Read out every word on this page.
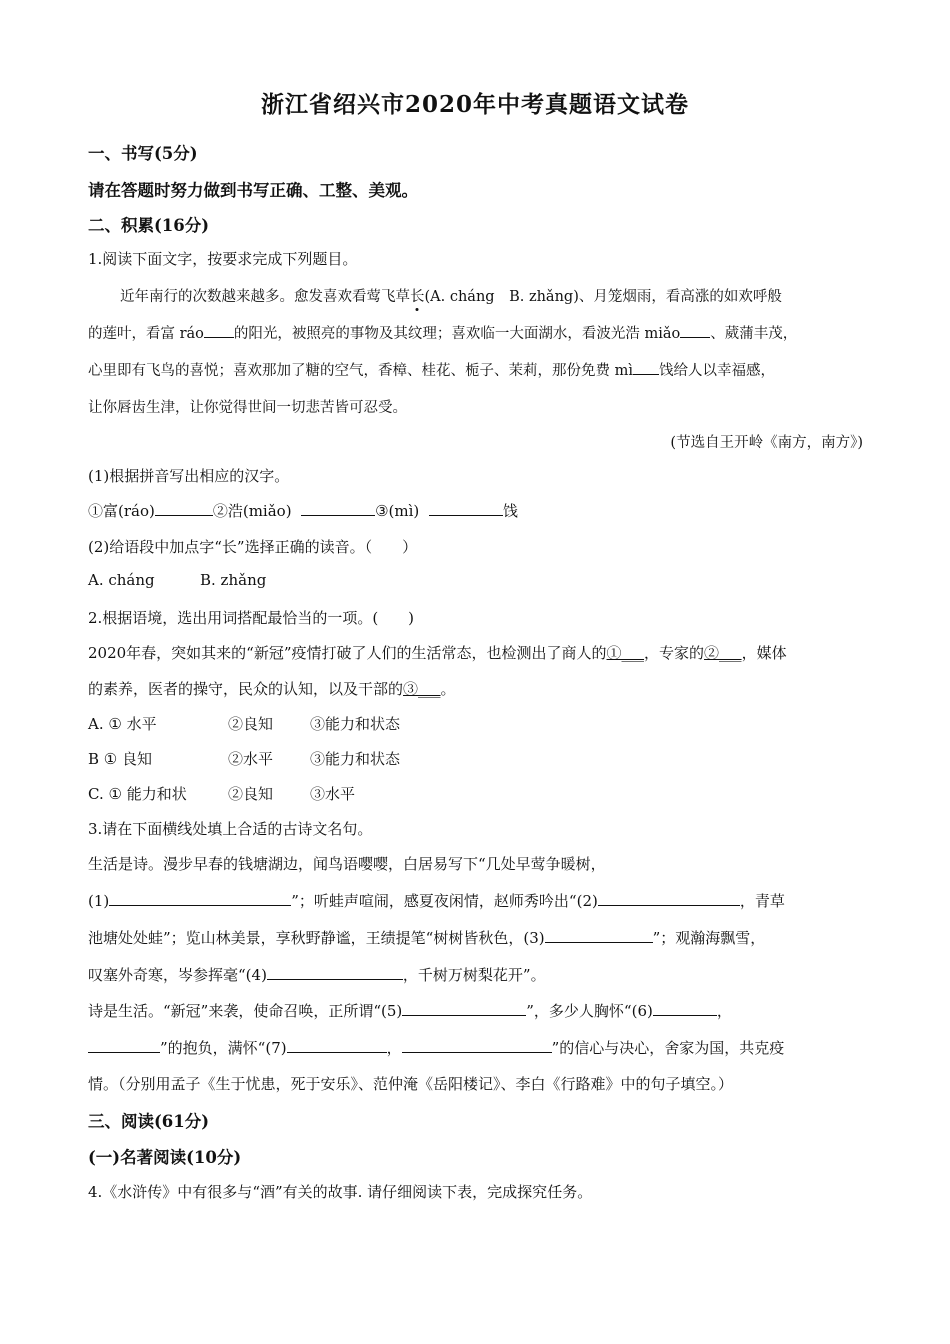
浙江省绍兴市2020年中考真题语文试卷
一、书写(5分)
请在答题时努力做到书写正确、工整、美观。
二、积累(16分)
1.阅读下面文字，按要求完成下列题目。
近年南行的次数越来越多。愈发喜欢看莺飞草长(A. cháng　B. zhǎng)、月笼烟雨，看高涨的如欢呼般
的莲叶，看富 ráo 的阳光，被照亮的事物及其纹理；喜欢临一大面湖水，看波光浩 miǎo 、葳蒲丰茂，
心里即有飞鸟的喜悦；喜欢那加了糖的空气，香樟、桂花、栀子、茉莉，那份免费 mì 饯给人以幸福感，
让你唇齿生津，让你觉得世间一切悲苦皆可忍受。
(节选自王开岭《南方，南方》)
(1)根据拼音写出相应的汉字。
①富(ráo)	②浩(miǎo)	③(mì)	饯
(2)给语段中加点字“长”选择正确的读音。（　　）
A. cháng	B. zhǎng
2.根据语境，选出用词搭配最恰当的一项。(　　)
2020年春，突如其来的“新冠”疫情打破了人们的生活常态，也检测出了商人的①___，专家的②___，媒体
的素养，医者的操守，民众的认知，以及干部的③___。
A. ① 水平	②良知 ③能力和状态
B ① 良知	②水平 ③能力和状态
C. ① 能力和状	②良知 ③水平
3.请在下面横线处填上合适的古诗文名句。
生活是诗。漫步早春的钱塘湖边，闻鸟语嘤嘤，白居易写下“几处早莺争暖树，
(1)	”；听蛙声喧闹，感夏夜闲情，赵师秀吟出“(2)	，青草
池塘处处蛙”；览山林美景，享秋野静谧，王绩提笔“树树皆秋色，(3)	”；观瀚海飘雪，
叹塞外奇寒，岑参挥毫“(4)	，千树万树梨花开”。
诗是生活。“新冠”来袭，使命召唤，正所谓“(5)	”，多少人胸怀“(6)	，
”的抱负，满怀“(7)	，	”的信心与决心，舍家为国，共克疫
情。（分别用孟子《生于忧患，死于安乐》、范仲淹《岳阳楼记》、李白《行路难》中的句子填空。）
三、阅读(61分)
(一)名著阅读(10分)
4.《水浒传》中有很多与“酒”有关的故事. 请仔细阅读下表，完成探究任务。
